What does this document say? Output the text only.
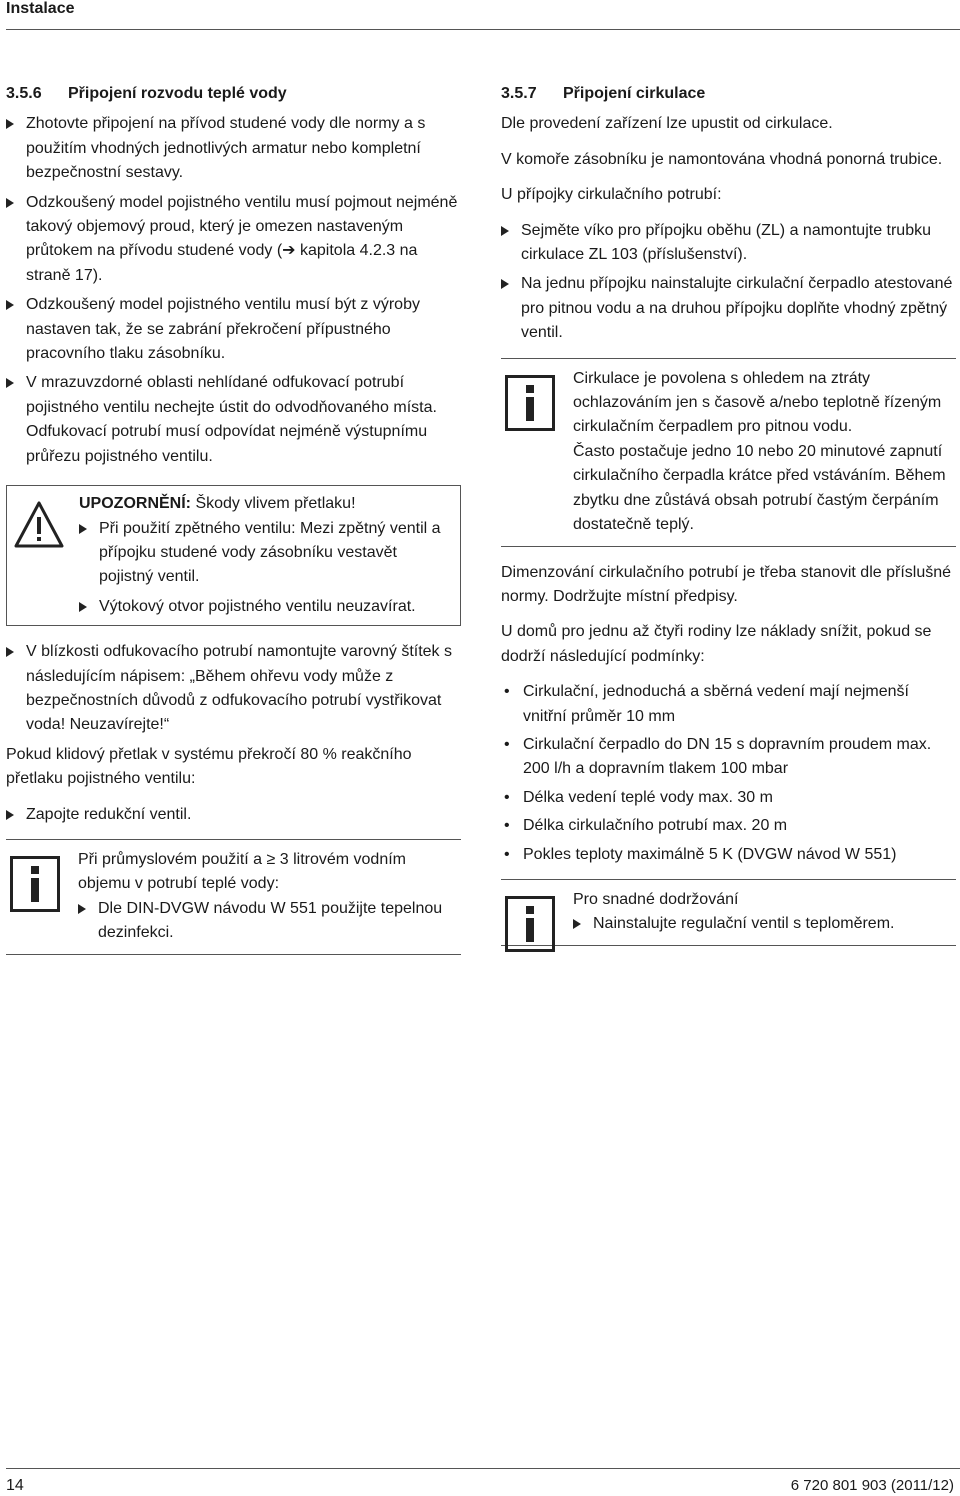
Instalace
3.5.6 Připojení rozvodu teplé vody
Zhotovte připojení na přívod studené vody dle normy a s použitím vhodných jednotlivých armatur nebo kompletní bezpečnostní sestavy.
Odzkoušený model pojistného ventilu musí pojmout nejméně takový objemový proud, který je omezen nastaveným průtokem na přívodu studené vody (➔ kapitola 4.2.3 na straně 17).
Odzkoušený model pojistného ventilu musí být z výroby nastaven tak, že se zabrání překročení přípustného pracovního tlaku zásobníku.
V mrazuvzdorné oblasti nehlídané odfukovací potrubí pojistného ventilu nechejte ústit do odvodňovaného místa.
Odfukovací potrubí musí odpovídat nejméně výstupnímu průřezu pojistného ventilu.
UPOZORNĚNÍ: Škody vlivem přetlaku!
Při použití zpětného ventilu: Mezi zpětný ventil a přípojku studené vody zásobníku vestavět pojistný ventil.
Výtokový otvor pojistného ventilu neuzavírat.
V blízkosti odfukovacího potrubí namontujte varovný štítek s následujícím nápisem: „Během ohřevu vody může z bezpečnostních důvodů z odfukovacího potrubí vystřikovat voda! Neuzavírejte!“

Pokud klidový přetlak v systému překročí 80 % reakčního přetlaku pojistného ventilu:

Zapojte redukční ventil.

Při průmyslovém použití a ≥ 3 litrovém vodním objemu v potrubí teplé vody:

Dle DIN-DVGW návodu W 551 použijte tepelnou dezinfekci.
3.5.7 Připojení cirkulace

Dle provedení zařízení lze upustit od cirkulace.

V komoře zásobníku je namontována vhodná ponorná trubice.

U přípojky cirkulačního potrubí:

Sejměte víko pro přípojku oběhu (ZL) a namontujte trubku cirkulace ZL 103 (příslušenství).
Na jednu přípojku nainstalujte cirkulační čerpadlo atestované pro pitnou vodu a na druhou přípojku doplňte vhodný zpětný ventil.

Cirkulace je povolena s ohledem na ztráty ochlazováním jen s časově a/nebo teplotně řízeným cirkulačním čerpadlem pro pitnou vodu.

Často postačuje jedno 10 nebo 20 minutové zapnutí cirkulačního čerpadla krátce před vstáváním. Během zbytku dne zůstává obsah potrubí častým čerpáním dostatečně teplý.

Dimenzování cirkulačního potrubí je třeba stanovit dle příslušné normy. Dodržujte místní předpisy.

U domů pro jednu až čtyři rodiny lze náklady snížit, pokud se dodrží následující podmínky:

• Cirkulační, jednoduchá a sběrná vedení mají nejmenší vnitřní průměr 10 mm
• Cirkulační čerpadlo do DN 15 s dopravním proudem max. 200 l/h a dopravním tlakem 100 mbar
• Délka vedení teplé vody max. 30 m
• Délka cirkulačního potrubí max. 20 m
• Pokles teploty maximálně 5 K (DVGW návod W 551)

Pro snadné dodržování

Nainstalujte regulační ventil s teploměrem.
14	6 720 801 903 (2011/12)
